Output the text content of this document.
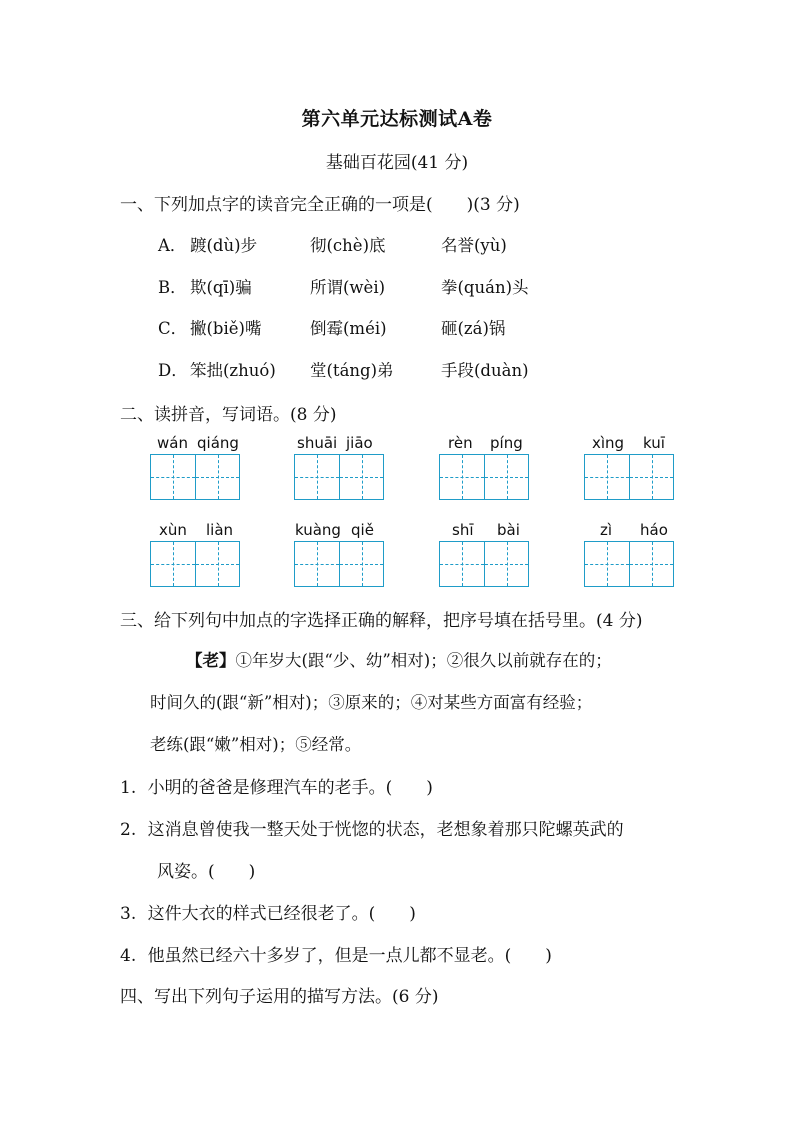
第六单元达标测试A卷
基础百花园(41 分)
一、下列加点字的读音完全正确的一项是(　　)(3 分)
A． 踱(dù)步	彻(chè)底	名誉(yù)
B． 欺(qī)骗	所谓(wèi)	拳(quán)头
C． 撇(biě)嘴	倒霉(méi)	砸(zá)锅
D． 笨拙(zhuó) 堂(táng)弟	手段(duàn)
二、读拼音，写词语。(8 分)
wán qiáng	shuāi jiāo	rèn píng	xìng kuī
xùn liàn	kuàng qiě	shī bài	zì háo
三、给下列句中加点的字选择正确的解释，把序号填在括号里。(4 分)
【老】①年岁大(跟“少、幼”相对)；②很久以前就存在的；
时间久的(跟“新”相对)；③原来的；④对某些方面富有经验；
老练(跟“嫩”相对)；⑤经常。
1. 小明的爸爸是修理汽车的老手。(　　)
2. 这消息曾使我一整天处于恍惚的状态，老想象着那只陀螺英武的
风姿。(　　)
3. 这件大衣的样式已经很老了。(　　)
4. 他虽然已经六十多岁了，但是一点儿都不显老。(　　)
四、写出下列句子运用的描写方法。(6 分)
